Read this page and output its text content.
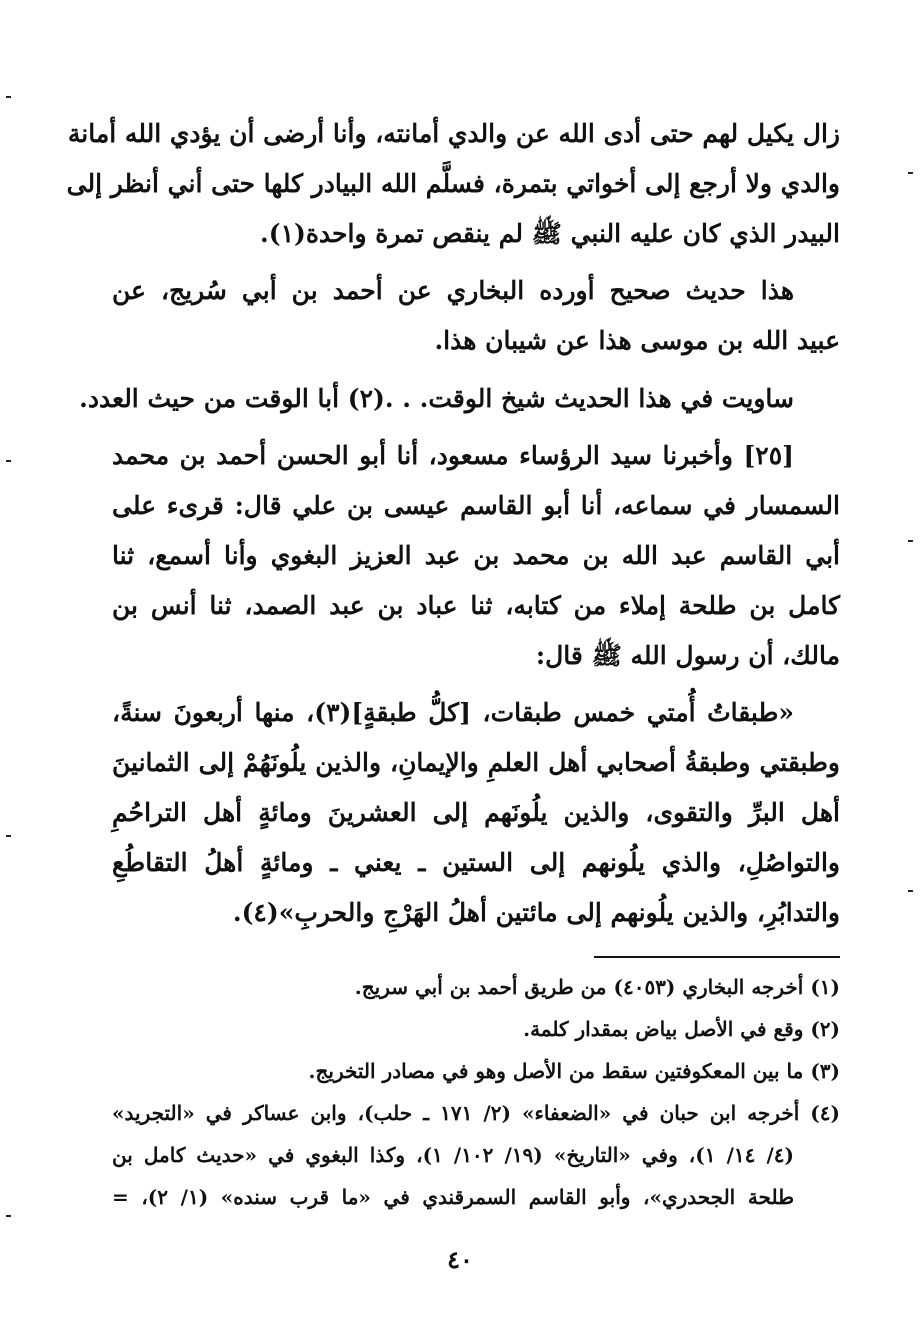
زال يكيل لهم حتى أدى الله عن والدي أمانته، وأنا أرضى أن يؤدي الله أمانة
والدي ولا أرجع إلى أخواتي بتمرة، فسلَّم الله البيادر كلها حتى أني أنظر إلى
البيدر الذي كان عليه النبي ﷺ لم ينقص تمرة واحدة(١).
هذا حديث صحيح أورده البخاري عن أحمد بن أبي سُريج، عن
عبيد الله بن موسى هذا عن شيبان هذا.
ساويت في هذا الحديث شيخ الوقت. . .(٢) أبا الوقت من حيث العدد.
[٢٥] وأخبرنا سيد الرؤساء مسعود، أنا أبو الحسن أحمد بن محمد
السمسار في سماعه، أنا أبو القاسم عيسى بن علي قال: قرىء على
أبي القاسم عبد الله بن محمد بن عبد العزيز البغوي وأنا أسمع، ثنا
كامل بن طلحة إملاء من كتابه، ثنا عباد بن عبد الصمد، ثنا أنس بن
مالك، أن رسول الله ﷺ قال:
«طبقاتُ أُمتي خمس طبقات، [كلُّ طبقةٍ](٣)، منها أربعونَ سنةً،
وطبقتي وطبقةُ أصحابي أهل العلمِ والإيمانِ، والذين يلُونَهُمْ إلى الثمانينَ
أهل البرِّ والتقوى، والذين يلُونَهم إلى العشرينَ ومائةٍ أهل التراحُمِ
والتواصُلِ، والذي يلُونهم إلى الستين ـ يعني ـ ومائةٍ أهلُ التقاطُعِ
والتدابُرِ، والذين يلُونهم إلى مائتين أهلُ الهَرْجِ والحربِ»(٤).
(١) أخرجه البخاري (٤٠٥٣) من طريق أحمد بن أبي سريج.
(٢) وقع في الأصل بياض بمقدار كلمة.
(٣) ما بين المعكوفتين سقط من الأصل وهو في مصادر التخريج.
(٤) أخرجه ابن حبان في «الضعفاء» (٢/ ١٧١ ـ حلب)، وابن عساكر في «التجريد»
(٤/ ١٤/ ١)، وفي «التاريخ» (١٩/ ١٠٢/ ١)، وكذا البغوي في «حديث كامل بن
طلحة الجحدري»، وأبو القاسم السمرقندي في «ما قرب سنده» (١/ ٢)، =
٤٠
